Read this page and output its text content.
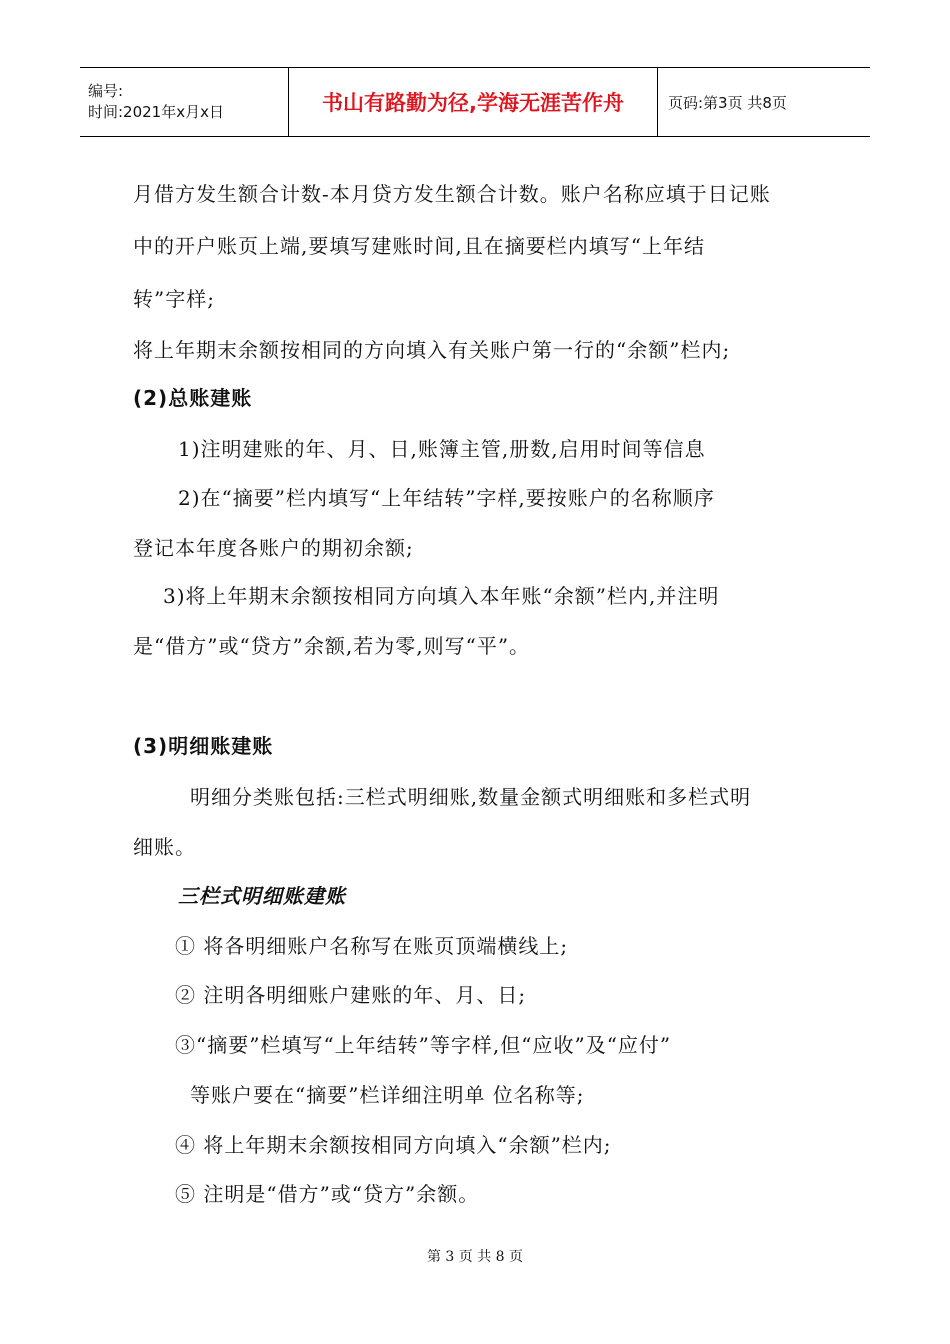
编号:
时间:2021年x月x日	书山有路勤为径,学海无涯苦作舟	页码:第3页 共8页
月借方发生额合计数-本月贷方发生额合计数。账户名称应填于日记账
中的开户账页上端,要填写建账时间,且在摘要栏内填写“上年结
转”字样;
将上年期末余额按相同的方向填入有关账户第一行的“余额”栏内;
(2)总账建账
1)注明建账的年、月、日,账簿主管,册数,启用时间等信息
2)在“摘要”栏内填写“上年结转”字样,要按账户的名称顺序
登记本年度各账户的期初余额;
3)将上年期末余额按相同方向填入本年账“余额”栏内,并注明
是“借方”或“贷方”余额,若为零,则写“平”。
(3)明细账建账
明细分类账包括:三栏式明细账,数量金额式明细账和多栏式明
细账。
三栏式明细账建账
① 将各明细账户名称写在账页顶端横线上;
② 注明各明细账户建账的年、月、日;
③“摘要”栏填写“上年结转”等字样,但“应收”及“应付”
等账户要在“摘要”栏详细注明单 位名称等;
④ 将上年期末余额按相同方向填入“余额”栏内;
⑤ 注明是“借方”或“贷方”余额。
第 3 页 共 8 页
